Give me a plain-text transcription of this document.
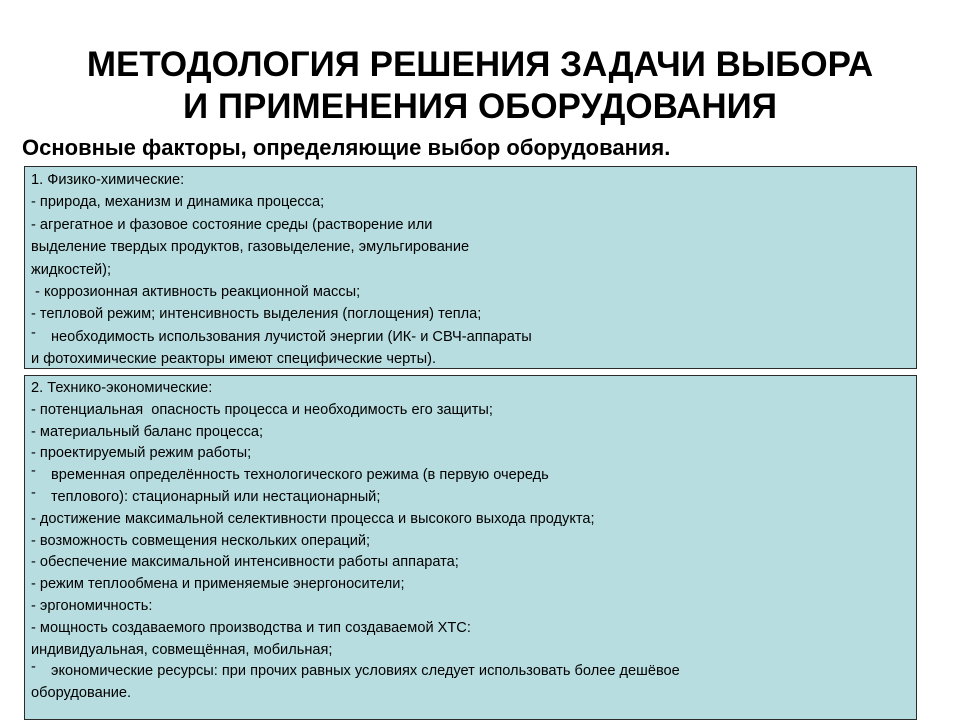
МЕТОДОЛОГИЯ РЕШЕНИЯ ЗАДАЧИ ВЫБОРА
И ПРИМЕНЕНИЯ ОБОРУДОВАНИЯ
Основные факторы, определяющие выбор оборудования.
1. Физико-химические:
- природа, механизм и динамика процесса;
- агрегатное и фазовое состояние среды (растворение или
выделение твердых продуктов, газовыделение, эмульгирование
жидкостей);
- коррозионная активность реакционной массы;
- тепловой режим; интенсивность выделения (поглощения) тепла;
- необходимость использования лучистой энергии (ИК- и СВЧ-аппараты
и фотохимические реакторы имеют специфические черты).
2. Технико-экономические:
- потенциальная  опасность процесса и необходимость его защиты;
- материальный баланс процесса;
- проектируемый режим работы;
- временная определённость технологического режима (в первую очередь
- теплового): стационарный или нестационарный;
- достижение максимальной селективности процесса и высокого выхода продукта;
- возможность совмещения нескольких операций;
- обеспечение максимальной интенсивности работы аппарата;
- режим теплообмена и применяемые энергоносители;
- эргономичность:
- мощность создаваемого производства и тип создаваемой ХТС:
индивидуальная, совмещённая, мобильная;
- экономические ресурсы: при прочих равных условиях следует использовать более дешёвое
оборудование.
